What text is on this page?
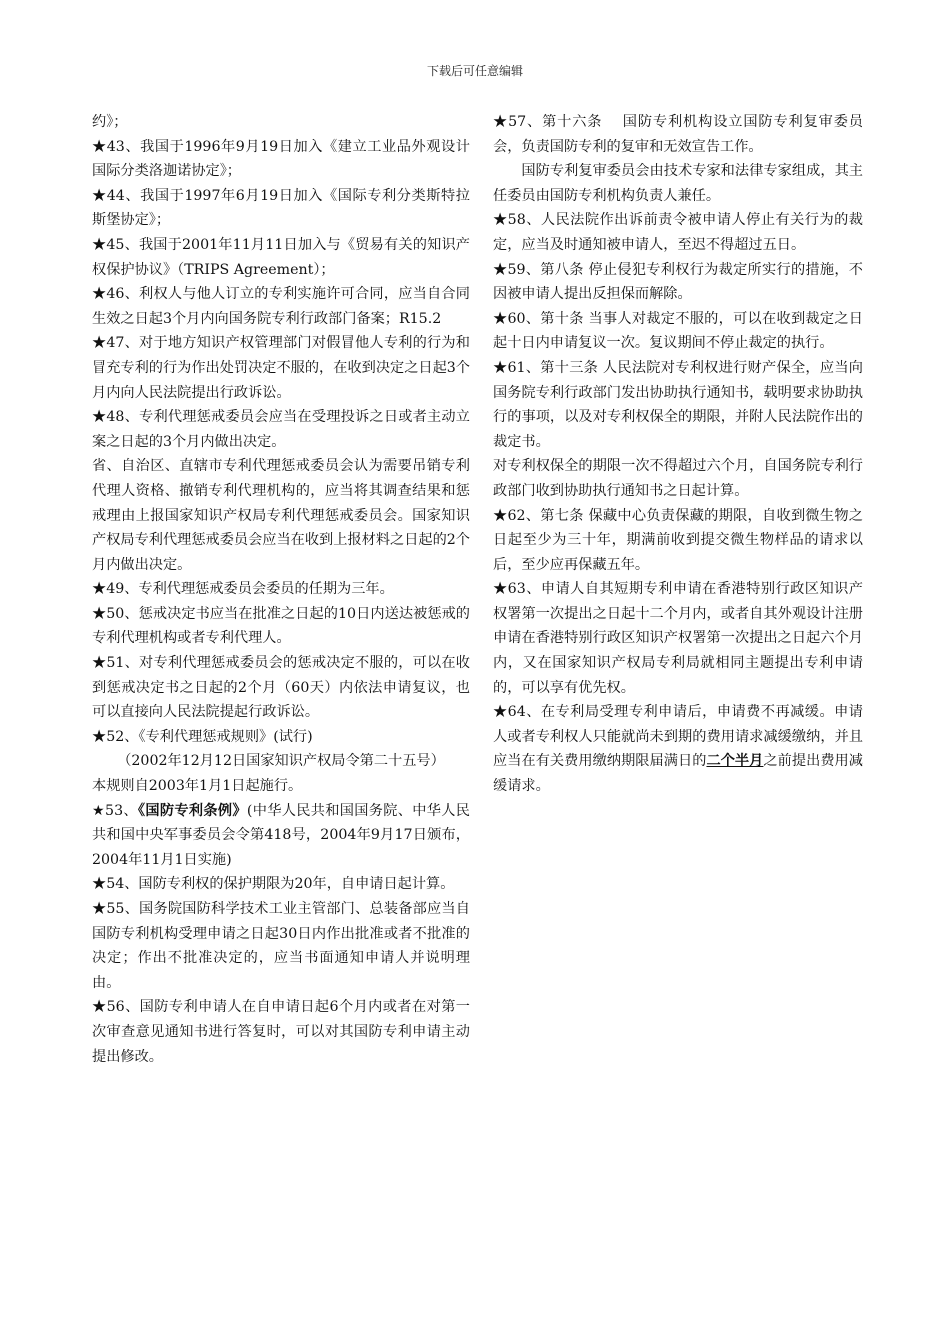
下载后可任意编辑

约》；

★43、我国于1996年9月19日加入《建立工业品外观设计国际分类洛迦诺协定》；

★44、我国于1997年6月19日加入《国际专利分类斯特拉斯堡协定》；

★45、我国于2001年11月11日加入与《贸易有关的知识产权保护协议》（TRIPS Agreement）；

★46、利权人与他人订立的专利实施许可合同，应当自合同生效之日起3个月内向国务院专利行政部门备案；R15.2

★47、对于地方知识产权管理部门对假冒他人专利的行为和冒充专利的行为作出处罚决定不服的，在收到决定之日起3个月内向人民法院提出行政诉讼。

★48、专利代理惩戒委员会应当在受理投诉之日或者主动立案之日起的3个月内做出决定。

省、自治区、直辖市专利代理惩戒委员会认为需要吊销专利代理人资格、撤销专利代理机构的，应当将其调查结果和惩戒理由上报国家知识产权局专利代理惩戒委员会。国家知识产权局专利代理惩戒委员会应当在收到上报材料之日起的2个月内做出决定。

★49、专利代理惩戒委员会委员的任期为三年。

★50、惩戒决定书应当在批准之日起的10日内送达被惩戒的专利代理机构或者专利代理人。

★51、对专利代理惩戒委员会的惩戒决定不服的，可以在收到惩戒决定书之日起的2个月（60天）内依法申请复议，也可以直接向人民法院提起行政诉讼。

★52、《专利代理惩戒规则》(试行)

（2002年12月12日国家知识产权局令第二十五号）

本规则自2003年1月1日起施行。

★53、《国防专利条例》(中华人民共和国国务院、中华人民共和国中央军事委员会令第418号，2004年9月17日颁布，2004年11月1日实施)

★54、国防专利权的保护期限为20年，自申请日起计算。

★55、国务院国防科学技术工业主管部门、总装备部应当自国防专利机构受理申请之日起30日内作出批准或者不批准的决定；作出不批准决定的，应当书面通知申请人并说明理由。

★56、国防专利申请人在自申请日起6个月内或者在对第一次审查意见通知书进行答复时，可以对其国防专利申请主动提出修改。

★57、第十六条　 国防专利机构设立国防专利复审委员会，负责国防专利的复审和无效宣告工作。

国防专利复审委员会由技术专家和法律专家组成，其主任委员由国防专利机构负责人兼任。

★58、人民法院作出诉前责令被申请人停止有关行为的裁定，应当及时通知被申请人，至迟不得超过五日。

★59、第八条 停止侵犯专利权行为裁定所实行的措施，不因被申请人提出反担保而解除。

★60、第十条 当事人对裁定不服的，可以在收到裁定之日起十日内申请复议一次。复议期间不停止裁定的执行。

★61、第十三条 人民法院对专利权进行财产保全，应当向国务院专利行政部门发出协助执行通知书，载明要求协助执行的事项，以及对专利权保全的期限，并附人民法院作出的裁定书。

对专利权保全的期限一次不得超过六个月，自国务院专利行政部门收到协助执行通知书之日起计算。

★62、第七条 保藏中心负责保藏的期限，自收到微生物之日起至少为三十年，期满前收到提交微生物样品的请求以后，至少应再保藏五年。

★63、申请人自其短期专利申请在香港特别行政区知识产权署第一次提出之日起十二个月内，或者自其外观设计注册申请在香港特别行政区知识产权署第一次提出之日起六个月内，又在国家知识产权局专利局就相同主题提出专利申请的，可以享有优先权。

★64、在专利局受理专利申请后，申请费不再减缓。申请人或者专利权人只能就尚未到期的费用请求减缓缴纳，并且应当在有关费用缴纳期限届满日的二个半月之前提出费用减缓请求。
